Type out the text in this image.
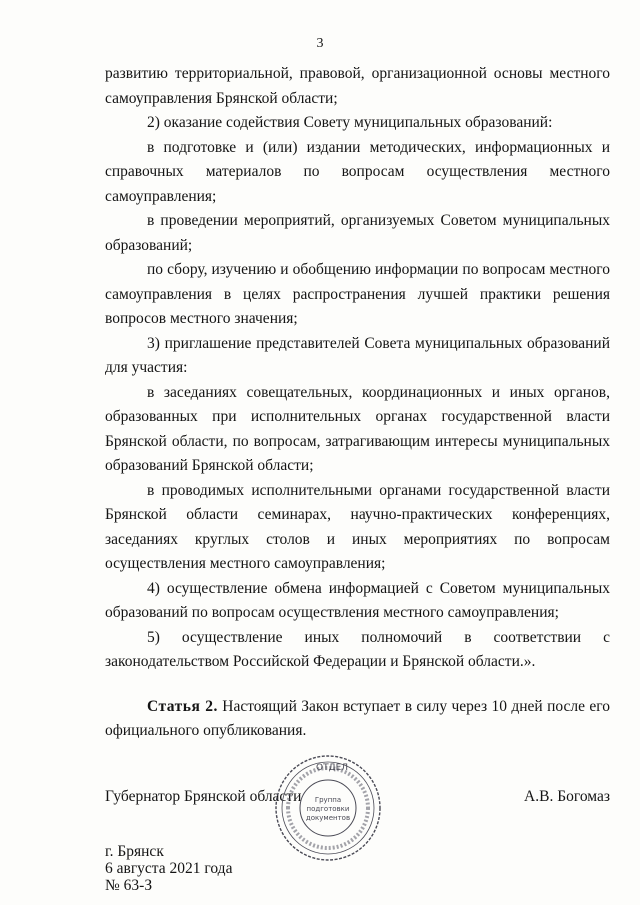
3

развитию территориальной, правовой, организационной основы местного самоуправления Брянской области;

2) оказание содействия Совету муниципальных образований:

в подготовке и (или) издании методических, информационных и справочных материалов по вопросам осуществления местного самоуправления;

в проведении мероприятий, организуемых Советом муниципальных образований;

по сбору, изучению и обобщению информации по вопросам местного самоуправления в целях распространения лучшей практики решения вопросов местного значения;

3) приглашение представителей Совета муниципальных образований для участия:

в заседаниях совещательных, координационных и иных органов, образованных при исполнительных органах государственной власти Брянской области, по вопросам, затрагивающим интересы муниципальных образований Брянской области;

в проводимых исполнительными органами государственной власти Брянской области семинарах, научно-практических конференциях, заседаниях круглых столов и иных мероприятиях по вопросам осуществления местного самоуправления;

4) осуществление обмена информацией с Советом муниципальных образований по вопросам осуществления местного самоуправления;

5) осуществление иных полномочий в соответствии с законодательством Российской Федерации и Брянской области.».

Статья 2. Настоящий Закон вступает в силу через 10 дней после его официального опубликования.

Губернатор Брянской области	А.В. Богомаз
ОТДЕЛ
Группа
подготовки
документов
г. Брянск
6 августа 2021 года
№ 63-З
